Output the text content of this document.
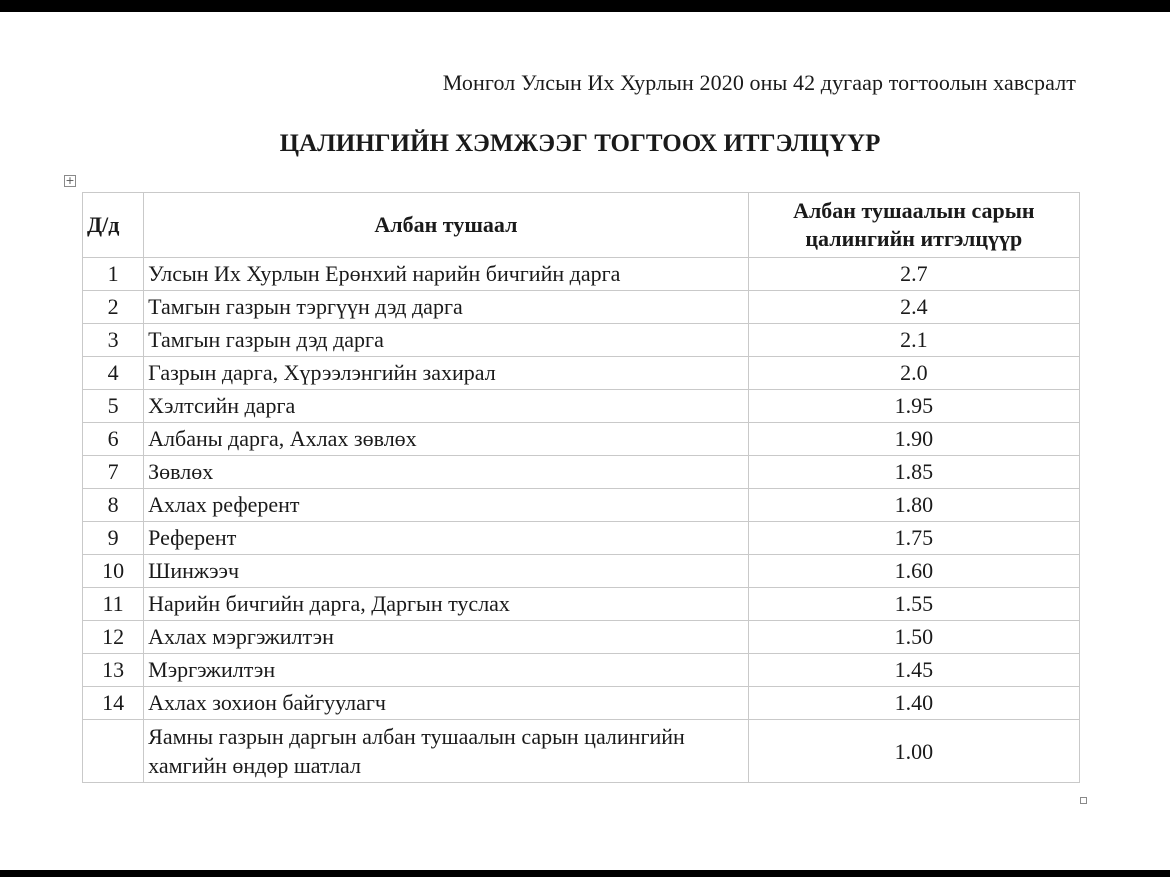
Монгол Улсын Их Хурлын 2020 оны 42 дугаар тогтоолын хавсралт
ЦАЛИНГИЙН ХЭМЖЭЭГ ТОГТООХ ИТГЭЛЦҮҮР
+
Д/д	Албан тушаал	Албан тушаалын сарын цалингийн итгэлцүүр
1	Улсын Их Хурлын Ерөнхий нарийн бичгийн дарга	2.7
2	Тамгын газрын тэргүүн дэд дарга	2.4
3	Тамгын газрын дэд дарга	2.1
4	Газрын дарга, Хүрээлэнгийн захирал	2.0
5	Хэлтсийн дарга	1.95
6	Албаны дарга, Ахлах зөвлөх	1.90
7	Зөвлөх	1.85
8	Ахлах референт	1.80
9	Референт	1.75
10	Шинжээч	1.60
11	Нарийн бичгийн дарга, Даргын туслах	1.55
12	Ахлах мэргэжилтэн	1.50
13	Мэргэжилтэн	1.45
14	Ахлах зохион байгуулагч	1.40
	Яамны газрын даргын албан тушаалын сарын цалингийн хамгийн өндөр шатлал	1.00
